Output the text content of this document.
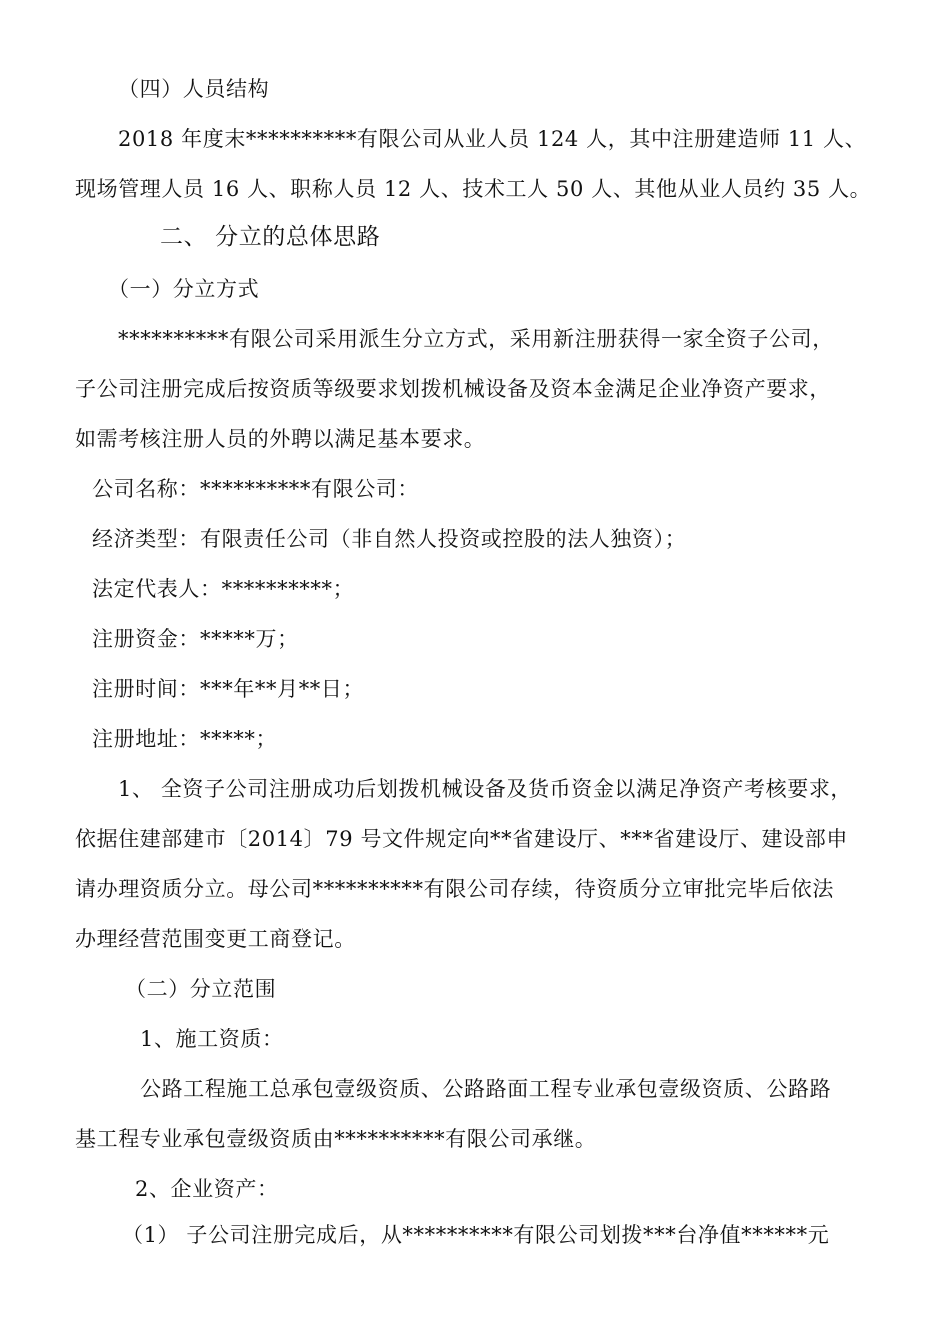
（四）人员结构
2018 年度末**********有限公司从业人员 124 人，其中注册建造师 11 人、
现场管理人员 16 人、职称人员 12 人、技术工人 50 人、其他从业人员约 35 人。
二、 分立的总体思路
（一）分立方式
**********有限公司采用派生分立方式，采用新注册获得一家全资子公司，
子公司注册完成后按资质等级要求划拨机械设备及资本金满足企业净资产要求，
如需考核注册人员的外聘以满足基本要求。
公司名称：**********有限公司：
经济类型：有限责任公司（非自然人投资或控股的法人独资）；
法定代表人：**********；
注册资金：*****万；
注册时间：***年**月**日；
注册地址：*****；
1、 全资子公司注册成功后划拨机械设备及货币资金以满足净资产考核要求，
依据住建部建市〔2014〕79 号文件规定向**省建设厅、***省建设厅、建设部申
请办理资质分立。母公司**********有限公司存续，待资质分立审批完毕后依法
办理经营范围变更工商登记。
（二）分立范围
1、施工资质：
公路工程施工总承包壹级资质、公路路面工程专业承包壹级资质、公路路
基工程专业承包壹级资质由**********有限公司承继。
2、企业资产：
（1） 子公司注册完成后，从**********有限公司划拨***台净值******元
